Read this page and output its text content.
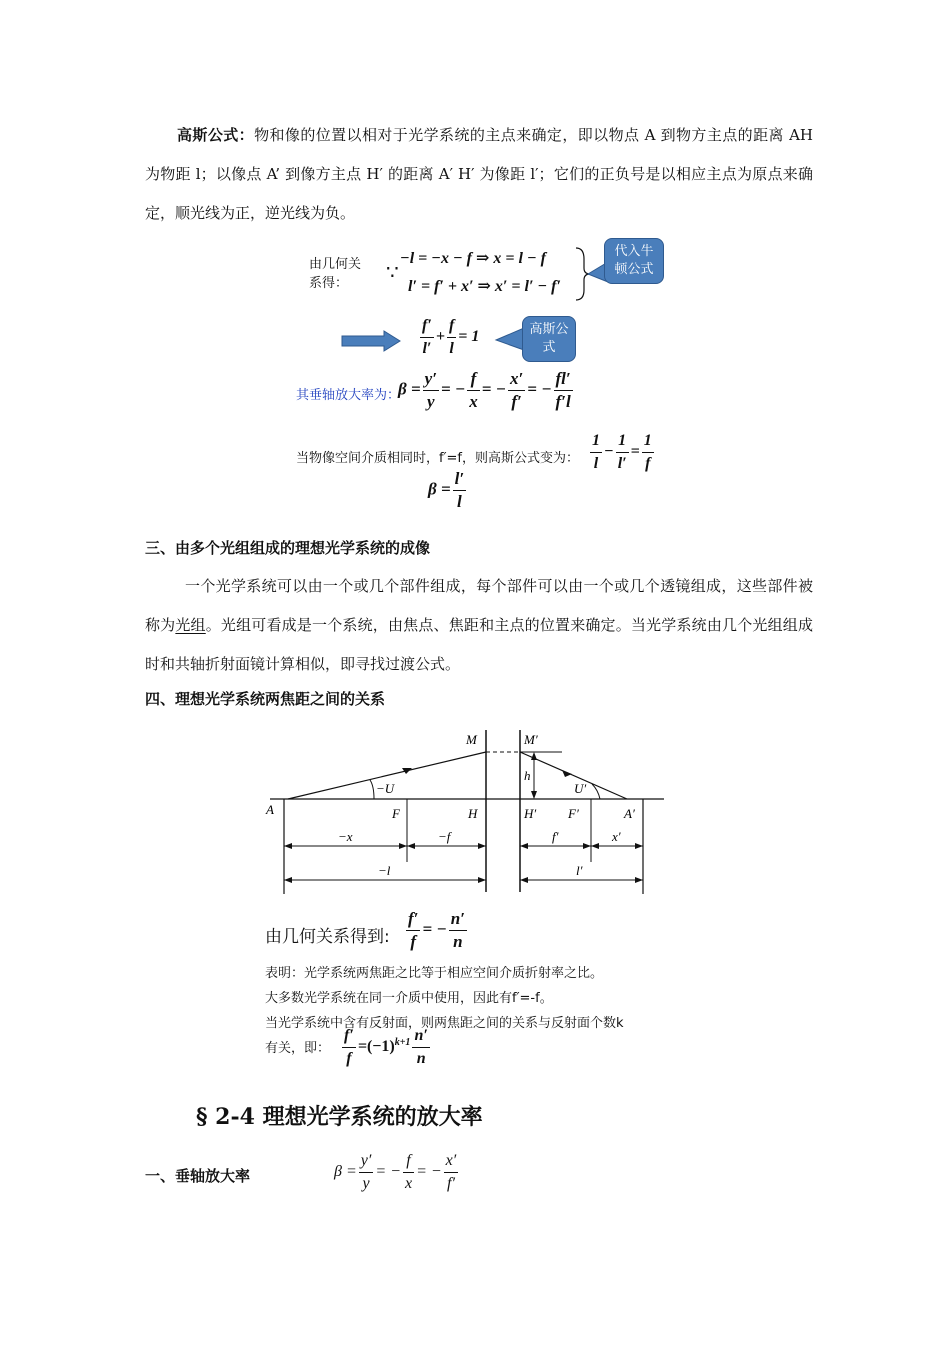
高斯公式：物和像的位置以相对于光学系统的主点来确定，即以物点 A 到物方主点的距离 AH 为物距 l；以像点 A’ 到像方主点 H′ 的距离 A′ H′ 为像距 l′；它们的正负号是以相应主点为原点来确定，顺光线为正，逆光线为负。
由几何关系得：	∵
−l = −x − f ⇒ x = l − f
l′ = f′ + x′ ⇒ x′ = l′ − f′
代入牛顿公式
$\frac{f'}{l'} + \frac{f}{l} = 1$	高斯公式
其垂轴放大率为：
$\beta = \frac{y'}{y}$ = − $\frac{f}{x}$ = − $\frac{x'}{f'}$ = − $\frac{fl'}{f'l}$
当物像空间介质相同时，f′=f，则高斯公式变为： $\frac{1}{l} - \frac{1}{l'} = \frac{1}{f}$
$\beta = \frac{l'}{l}$
三、由多个光组组成的理想光学系统的成像
一个光学系统可以由一个或几个部件组成，每个部件可以由一个或几个透镜组成，这些部件被称为光组。光组可看成是一个系统，由焦点、焦距和主点的位置来确定。当光学系统由几个光组组成时和共轴折射面镜计算相似，即寻找过渡公式。
四、理想光学系统两焦距之间的关系
M	M′
A	F	H	H′ F′	A′
−U	U′
h
−x	−f	f′	x′
−l	l′
由几何关系得到: $\frac{f'}{f}$ = − $\frac{n'}{n}$
表明：光学系统两焦距之比等于相应空间介质折射率之比。
大多数光学系统在同一介质中使用，因此有f′=-f。
当光学系统中含有反射面，则两焦距之间的关系与反射面个数k
有关，即： $\frac{f'}{f} =(-1)^{k+1} \frac{n'}{n}$
§ 2-4 理想光学系统的放大率
一、垂轴放大率	$\beta = \frac{y'}{y}$ = − $\frac{f}{x}$ = − $\frac{x'}{f'}$
